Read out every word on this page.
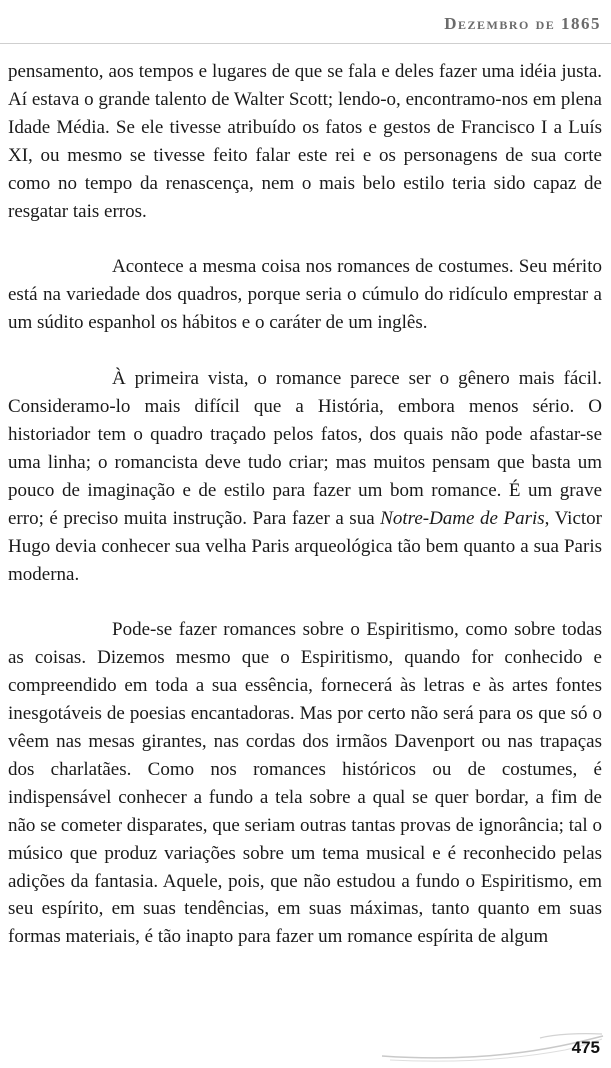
Dezembro de 1865

pensamento, aos tempos e lugares de que se fala e deles fazer uma idéia justa. Aí estava o grande talento de Walter Scott; lendo-o, encontramo-nos em plena Idade Média. Se ele tivesse atribuído os fatos e gestos de Francisco I a Luís XI, ou mesmo se tivesse feito falar este rei e os personagens de sua corte como no tempo da renascença, nem o mais belo estilo teria sido capaz de resgatar tais erros.

Acontece a mesma coisa nos romances de costumes. Seu mérito está na variedade dos quadros, porque seria o cúmulo do ridículo emprestar a um súdito espanhol os hábitos e o caráter de um inglês.

À primeira vista, o romance parece ser o gênero mais fácil. Consideramo-lo mais difícil que a História, embora menos sério. O historiador tem o quadro traçado pelos fatos, dos quais não pode afastar-se uma linha; o romancista deve tudo criar; mas muitos pensam que basta um pouco de imaginação e de estilo para fazer um bom romance. É um grave erro; é preciso muita instrução. Para fazer a sua Notre-Dame de Paris, Victor Hugo devia conhecer sua velha Paris arqueológica tão bem quanto a sua Paris moderna.

Pode-se fazer romances sobre o Espiritismo, como sobre todas as coisas. Dizemos mesmo que o Espiritismo, quando for conhecido e compreendido em toda a sua essência, fornecerá às letras e às artes fontes inesgotáveis de poesias encantadoras. Mas por certo não será para os que só o vêem nas mesas girantes, nas cordas dos irmãos Davenport ou nas trapaças dos charlatães. Como nos romances históricos ou de costumes, é indispensável conhecer a fundo a tela sobre a qual se quer bordar, a fim de não se cometer disparates, que seriam outras tantas provas de ignorância; tal o músico que produz variações sobre um tema musical e é reconhecido pelas adições da fantasia. Aquele, pois, que não estudou a fundo o Espiritismo, em seu espírito, em suas tendências, em suas máximas, tanto quanto em suas formas materiais, é tão inapto para fazer um romance espírita de algum

475
